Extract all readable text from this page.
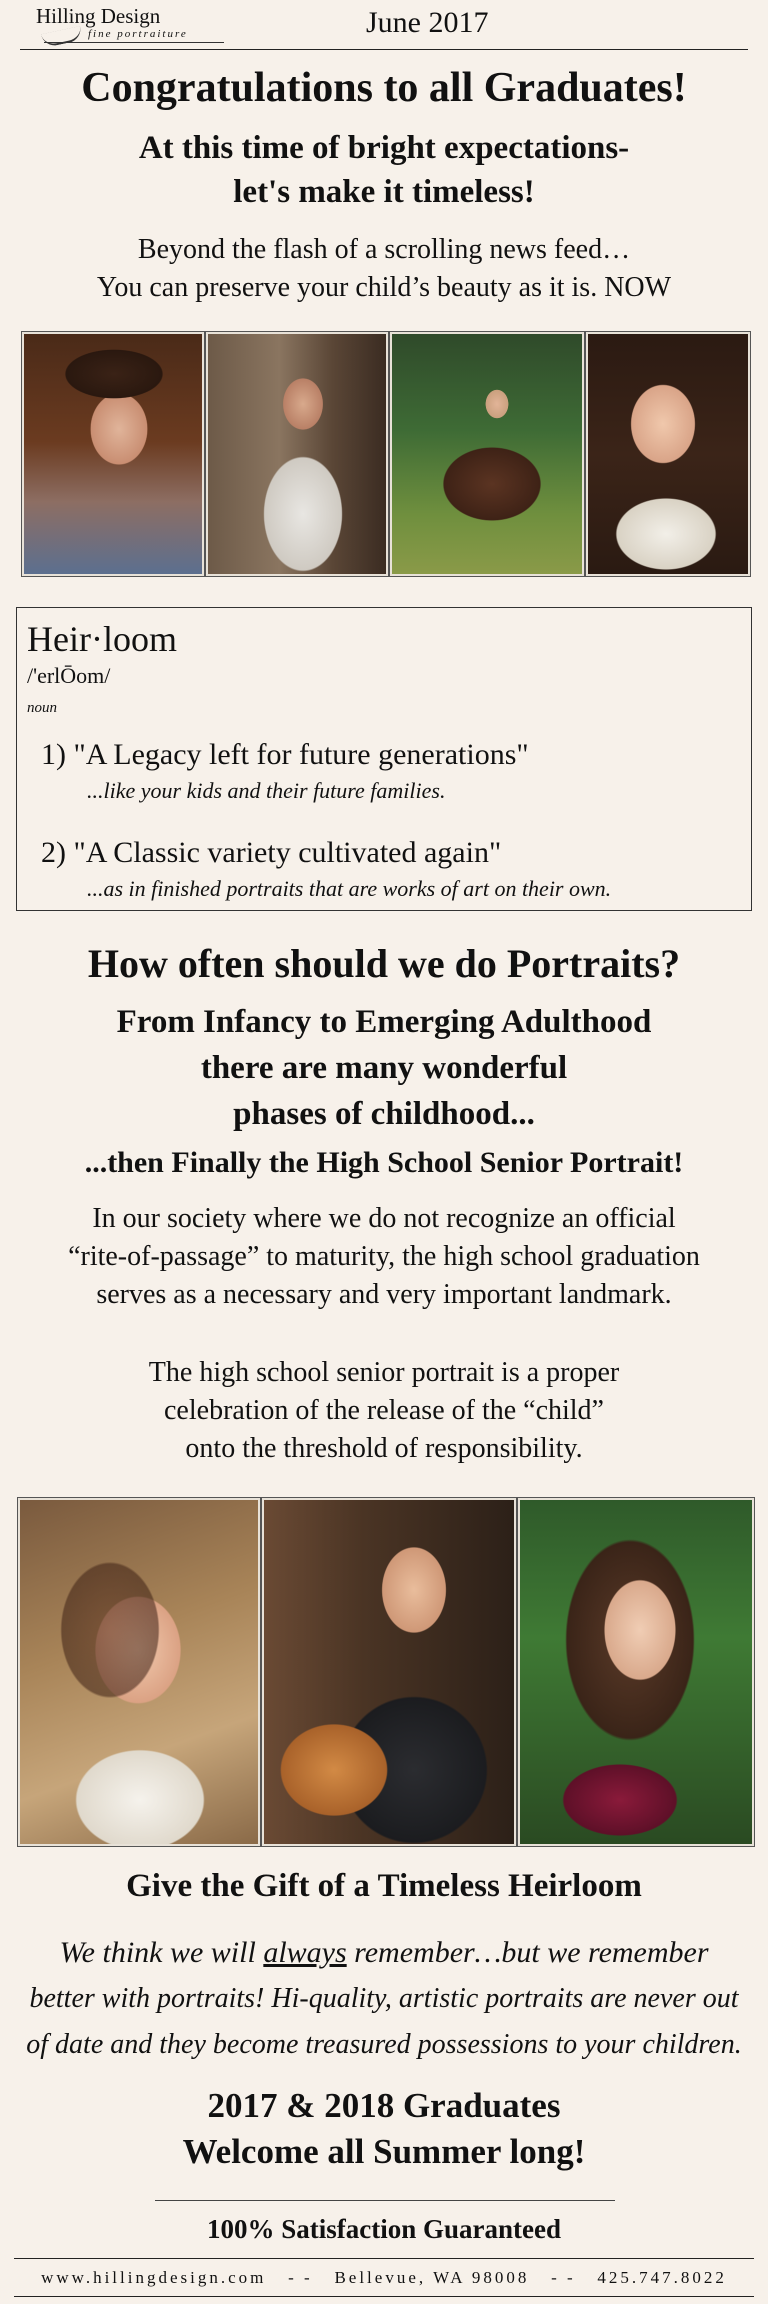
Hilling Design
fine portraiture	June 2017
Congratulations to all Graduates!
At this time of bright expectations-
let's make it timeless!
Beyond the flash of a scrolling news feed…
You can preserve your child’s beauty as it is. NOW
Heir·loom
/'erlŌom/
noun
1) "A Legacy left for future generations"
...like your kids and their future families.
2) "A Classic variety cultivated again"
...as in finished portraits that are works of art on their own.
How often should we do Portraits?
From Infancy to Emerging Adulthood
there are many wonderful
phases of childhood...
...then Finally the High School Senior Portrait!
In our society where we do not recognize an official
“rite-of-passage” to maturity, the high school graduation
serves as a necessary and very important landmark.
The high school senior portrait is a proper
celebration of the release of the “child”
onto the threshold of responsibility.
Give the Gift of a Timeless Heirloom
We think we will always remember…but we remember
better with portraits! Hi-quality, artistic portraits are never out
of date and they become treasured possessions to your children.
2017 & 2018 Graduates
Welcome all Summer long!
100% Satisfaction Guaranteed
www.hillingdesign.com - - Bellevue, WA 98008 - - 425.747.8022
